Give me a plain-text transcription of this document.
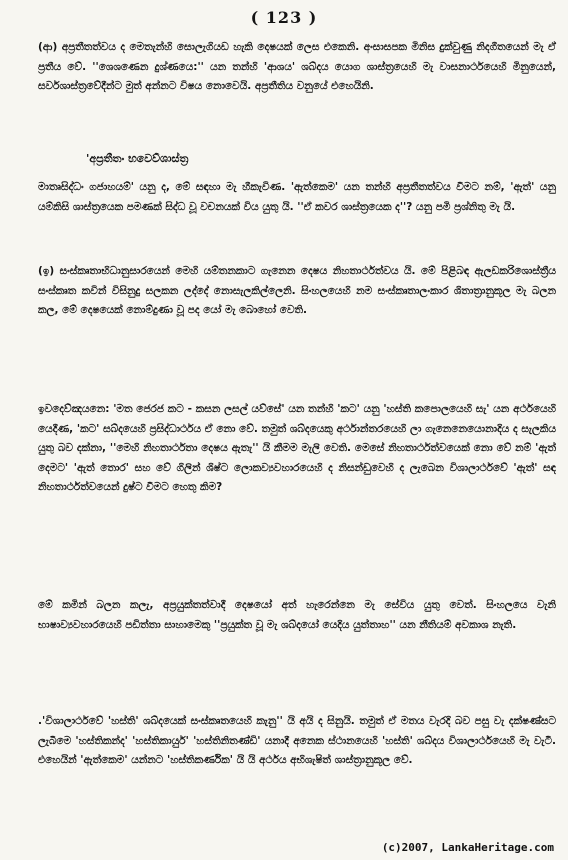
( 123 )
(ආ) අප්‍රතීතත්වය ද මෙතැන්හි සොලැගියඩ හැකි දෙෂයක් ලෙස එකෙනි. අංසාසපක මිනිස දුක්වුණු නිදගීතයෙන් මැ ඒ ප්‍රතීය වේ. ''ශෙශණෙන දුශ්ණයෙ:'' යන තන්හි 'ආශය' ශබ්දය යොග ශාස්ත්‍රයෙහි මැ වාසනාර්ථයෙහි මිනුයෙන්, සර්වශාස්ත්‍රවේදීන්ට මුත් අන්නට විෂය නොවෙයි. අප්‍රතීතිය වනුයේ එහෙයිනි.
'අප්‍රතීතං භවෙව්ශාස්ත්‍ර
මාතෘසිද්ධං ගජාහයම්' යනු ද, මේ සඳහා මැ හීකැවිණ. 'ඇත්කෙම' යන තන්හි අප්‍රතීතත්වය වීමට නම්, 'ඇත්' යනු යම්කිසි ශාස්ත්‍රයෙක පමණක් සිද්ධ වූ වචනයක් විය යුතු යි. ''ඒ කවර ශාස්ත්‍රයෙක ද''? යනු පමි ප්‍රශ්නිතු මැ යි.
(ඉ) සංස්කෘතාභිධානුසාරයෙන් මෙහි යම්තනකාට ගැනෙන දෙෂය නිහතාර්ථත්වය යි. මේ පිළිබඳ ඇලඩකරිශොස්ත්‍රීය සංස්කෘත කවින් විසිනුදු සලකන ලද්දේ නොසැලකිල්ලෙනි. සිංහලයෙහි නම සංස්කෘතාලංකාර ශිතාත්‍රානුකූල මැ බලන කල, මේ දෙෂයෙක් නොම්දුණා වූ පද යෝ මැ බොහෝ වෙති.
ඉවදෙව්ඤයනෙ: 'මත ජෙරජ කට - කසන ලසල් යව්සේ' යන තන්හි 'කට' යනු 'හස්ති කපොලයෙහි සැ' යන අර්ථයෙහි යෙදීණ, 'කට' සබ්දයෙහි ප්‍රසිද්ධාර්ථය ඒ නො වේ. තමුත් ශබ්දයෙකු අර්ථාන්තරයෙහි ලා ගැනෙනෙයොනාදිය ද සැලකිය යුතු බව දක්නා, ''මෙහි නිහතාර්ථතා දෙෂය ඇතැ'' යි කීමම මැලි වෙති. මෙසේ නිහතාර්ථත්වයෙක් නො වේ නම් 'ඇත් දෙමට' 'ඇත් තොර' සහ වේ ගිලින් ශිෂ්ට ලොකව්‍යවහාරයෙහි ද නිසන්ඩුවෙහි ද ලැබෙන විශාලාර්ථවේ 'ඇත්' සඳ නිහතාර්ථත්වයෙන් දුෂ්ට වීමට හෙතු කිම?
මේ කමින් බලන කලැ, අප්‍රයුක්තත්වාදී දෙෂයෝ අත් හැරෙන්නෙ මැ සේවිය යුතු වෙත්. සිංහලයෙ වැනි භාෂාව්‍යවහාරයෙහි පඩිත්තා සාහාමෙකු ''ප්‍රයුක්ත වූ මැ ශබ්දයෝ යෙදිය යුත්තාහ'' යන නීතියම් අවකාශ නැති.
.'විශාලාර්ථවේ 'හස්ති' ශබ්දයෙක් සංස්කෘතයෙහි කැනු'' යි අයි ද සිනුයි. තමුත් ඒ මතය වැරදි බව පසු වැ දක්ෂණ්සට ලැබීමෙ 'හස්තිකන්ද' 'හස්තිකායුර්' 'හස්තිනිතණ්ඩි' යනාදී අනෙක ස්ථානයෙහි 'හස්ති' ශබ්දය විශාලාර්ථයෙහි මැ වැටී. එහෙයින් 'ඇත්කෙම' යන්නට 'හස්තිකර්ණික' යි යි අර්ථය අභිශැෂිත් ශාස්ත්‍රානුකූල වේ.
(c)2007, LankaHeritage.com
